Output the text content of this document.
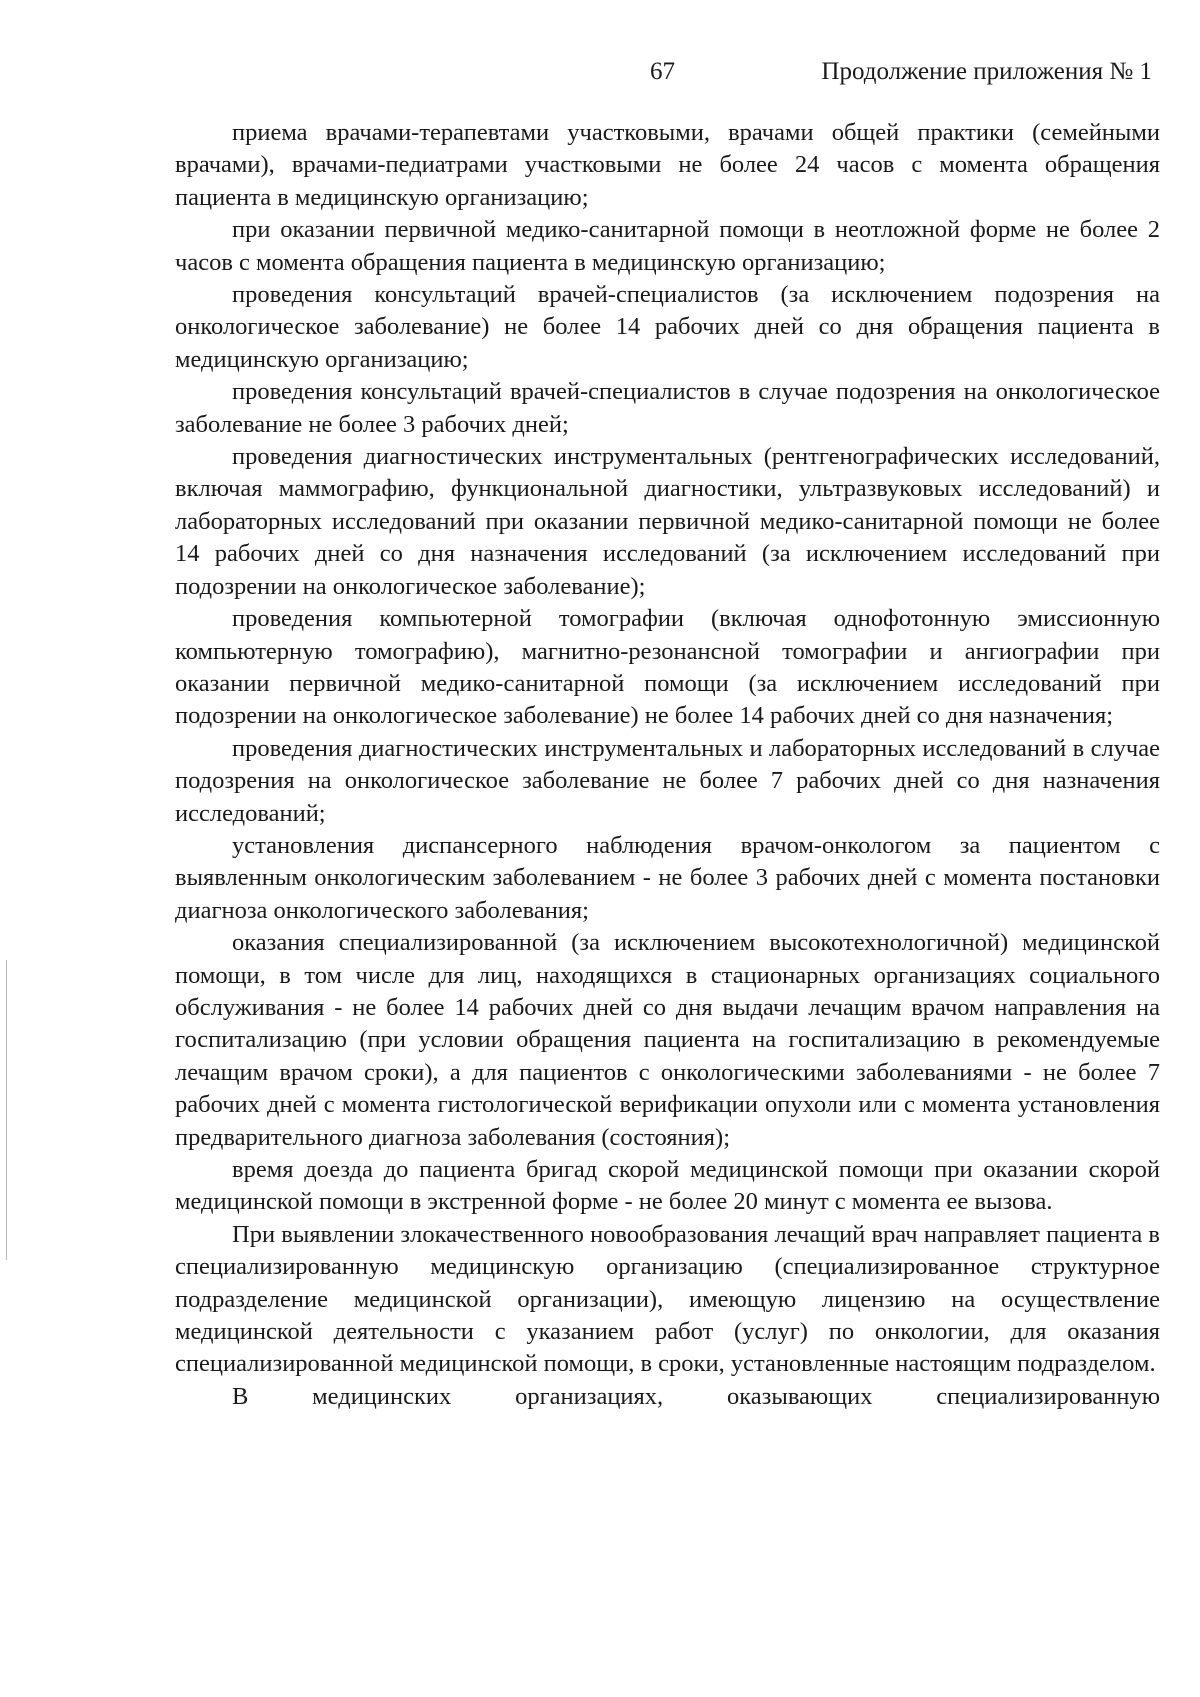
67	Продолжение приложения № 1

приема врачами-терапевтами участковыми, врачами общей практики (семейными врачами), врачами-педиатрами участковыми не более 24 часов с момента обращения пациента в медицинскую организацию;

при оказании первичной медико-санитарной помощи в неотложной форме не более 2 часов с момента обращения пациента в медицинскую организацию;

проведения консультаций врачей-специалистов (за исключением подозрения на онкологическое заболевание) не более 14 рабочих дней со дня обращения пациента в медицинскую организацию;

проведения консультаций врачей-специалистов в случае подозрения на онкологическое заболевание не более 3 рабочих дней;

проведения диагностических инструментальных (рентгенографических исследований, включая маммографию, функциональной диагностики, ультразвуковых исследований) и лабораторных исследований при оказании первичной медико-санитарной помощи не более 14 рабочих дней со дня назначения исследований (за исключением исследований при подозрении на онкологическое заболевание);

проведения компьютерной томографии (включая однофотонную эмиссионную компьютерную томографию), магнитно-резонансной томографии и ангиографии при оказании первичной медико-санитарной помощи (за исключением исследований при подозрении на онкологическое заболевание) не более 14 рабочих дней со дня назначения;

проведения диагностических инструментальных и лабораторных исследований в случае подозрения на онкологическое заболевание не более 7 рабочих дней со дня назначения исследований;

установления диспансерного наблюдения врачом-онкологом за пациентом с выявленным онкологическим заболеванием - не более 3 рабочих дней с момента постановки диагноза онкологического заболевания;

оказания специализированной (за исключением высокотехнологичной) медицинской помощи, в том числе для лиц, находящихся в стационарных организациях социального обслуживания - не более 14 рабочих дней со дня выдачи лечащим врачом направления на госпитализацию (при условии обращения пациента на госпитализацию в рекомендуемые лечащим врачом сроки), а для пациентов с онкологическими заболеваниями - не более 7 рабочих дней с момента гистологической верификации опухоли или с момента установления предварительного диагноза заболевания (состояния);

время доезда до пациента бригад скорой медицинской помощи при оказании скорой медицинской помощи в экстренной форме - не более 20 минут с момента ее вызова.

При выявлении злокачественного новообразования лечащий врач направляет пациента в специализированную медицинскую организацию (специализированное структурное подразделение медицинской организации), имеющую лицензию на осуществление медицинской деятельности с указанием работ (услуг) по онкологии, для оказания специализированной медицинской помощи, в сроки, установленные настоящим подразделом.

В медицинских организациях, оказывающих специализированную
